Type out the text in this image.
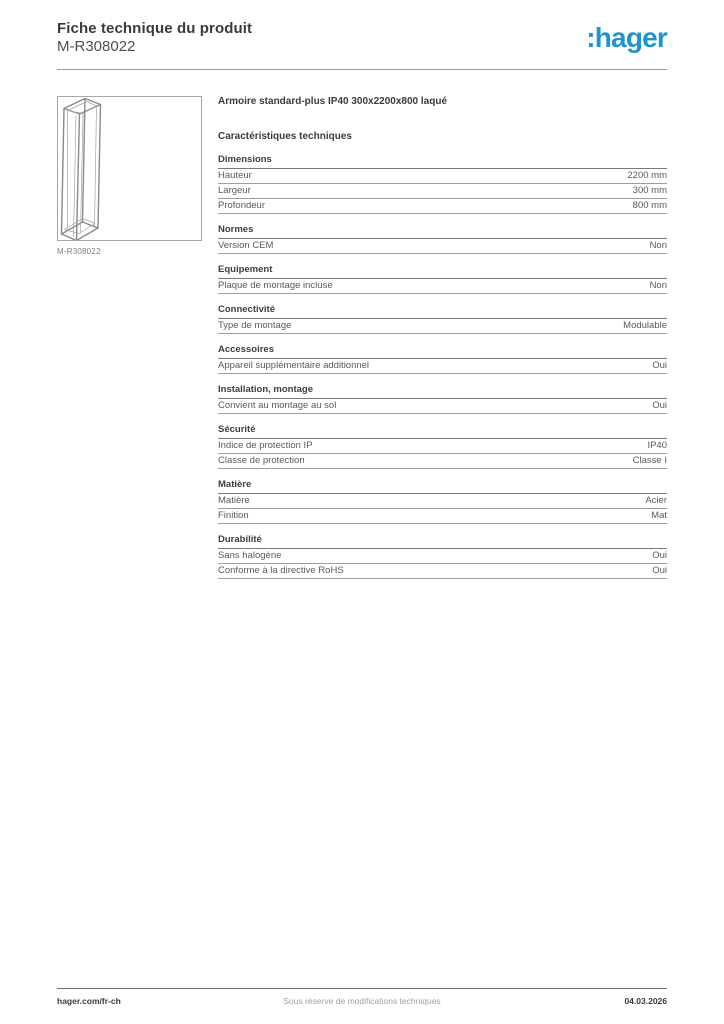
Fiche technique du produit
M-R308022	:hager
M-R308022
Armoire standard-plus IP40 300x2200x800 laqué
Caractéristiques techniques
Dimensions
Hauteur	2200 mm
Largeur	300 mm
Profondeur	800 mm
Normes
Version CEM	Non
Equipement
Plaque de montage incluse	Non
Connectivité
Type de montage	Modulable
Accessoires
Appareil supplémentaire additionnel	Oui
Installation, montage
Convient au montage au sol	Oui
Sécurité
Indice de protection IP	IP40
Classe de protection	Classe I
Matière
Matière	Acier
Finition	Mat
Durabilité
Sans halogène	Oui
Conforme à la directive RoHS	Oui
hager.com/fr-ch	Sous réserve de modifications techniques	04.03.2026
